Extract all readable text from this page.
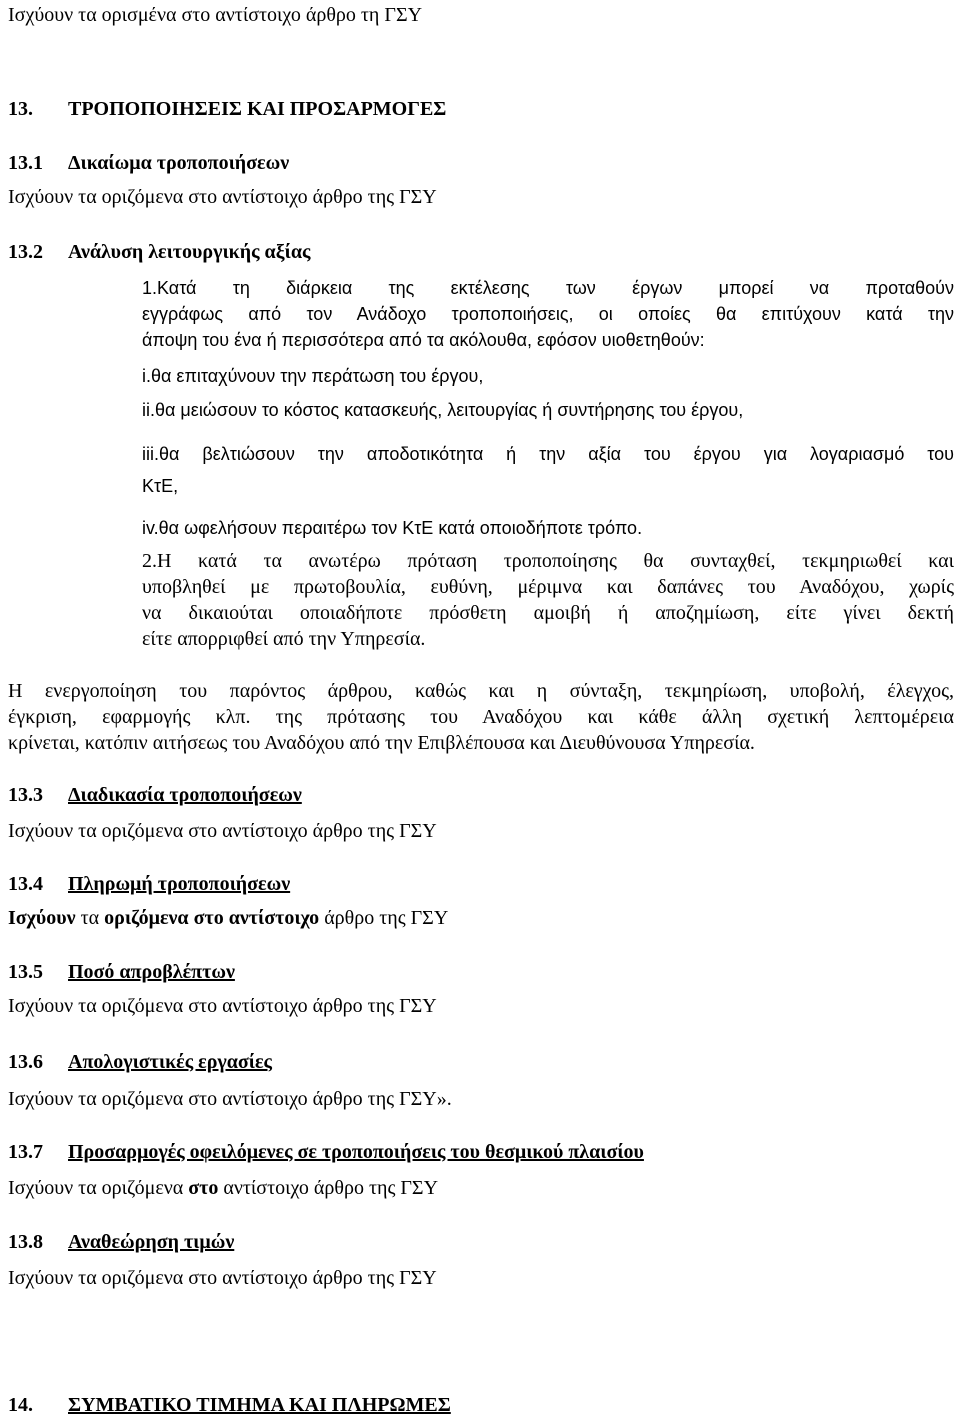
Ισχύουν τα ορισμένα στο αντίστοιχο άρθρο τη ΓΣΥ
13. ΤΡΟΠΟΠΟΙΗΣΕΙΣ ΚΑΙ ΠΡΟΣΑΡΜΟΓΕΣ
13.1 Δικαίωμα τροποποιήσεων
Ισχύουν τα οριζόμενα στο αντίστοιχο άρθρο της ΓΣΥ
13.2 Ανάλυση λειτουργικής αξίας
1.Κατά τη διάρκεια της εκτέλεσης των έργων μπορεί να προταθούν
εγγράφως από τον Ανάδοχο τροποποιήσεις, οι οποίες θα επιτύχουν κατά την
άποψη του ένα ή περισσότερα από τα ακόλουθα, εφόσον υιοθετηθούν:
i.θα επιταχύνουν την περάτωση του έργου,
ii.θα μειώσουν το κόστος κατασκευής, λειτουργίας ή συντήρησης του έργου,
iii.θα βελτιώσουν την αποδοτικότητα ή την αξία του έργου για λογαριασμό του
ΚτΕ,
iv.θα ωφελήσουν περαιτέρω τον ΚτΕ κατά οποιοδήποτε τρόπο.
2.Η κατά τα ανωτέρω πρόταση τροποποίησης θα συνταχθεί, τεκμηριωθεί και
υποβληθεί με πρωτοβουλία, ευθύνη, μέριμνα και δαπάνες του Αναδόχου, χωρίς
να δικαιούται οποιαδήποτε πρόσθετη αμοιβή ή αποζημίωση, είτε γίνει δεκτή
είτε απορριφθεί από την Υπηρεσία.
Η ενεργοποίηση του παρόντος άρθρου, καθώς και η σύνταξη, τεκμηρίωση, υποβολή, έλεγχος,
έγκριση, εφαρμογής κλπ. της πρότασης του Αναδόχου και κάθε άλλη σχετική λεπτομέρεια
κρίνεται, κατόπιν αιτήσεως του Αναδόχου από την Επιβλέπουσα και Διευθύνουσα Υπηρεσία.
13.3 Διαδικασία τροποποιήσεων
Ισχύουν τα οριζόμενα στο αντίστοιχο άρθρο της ΓΣΥ
13.4 Πληρωμή τροποποιήσεων
Ισχύουν τα οριζόμενα στο αντίστοιχο άρθρο της ΓΣΥ
13.5 Ποσό απροβλέπτων
Ισχύουν τα οριζόμενα στο αντίστοιχο άρθρο της ΓΣΥ
13.6 Απολογιστικές εργασίες
Ισχύουν τα οριζόμενα στο αντίστοιχο άρθρο της ΓΣΥ».
13.7 Προσαρμογές οφειλόμενες σε τροποποιήσεις του θεσμικού πλαισίου
Ισχύουν τα οριζόμενα στο αντίστοιχο άρθρο της ΓΣΥ
13.8 Αναθεώρηση τιμών
Ισχύουν τα οριζόμενα στο αντίστοιχο άρθρο της ΓΣΥ
14. ΣΥΜΒΑΤΙΚΟ ΤΙΜΗΜΑ ΚΑΙ ΠΛΗΡΩΜΕΣ
